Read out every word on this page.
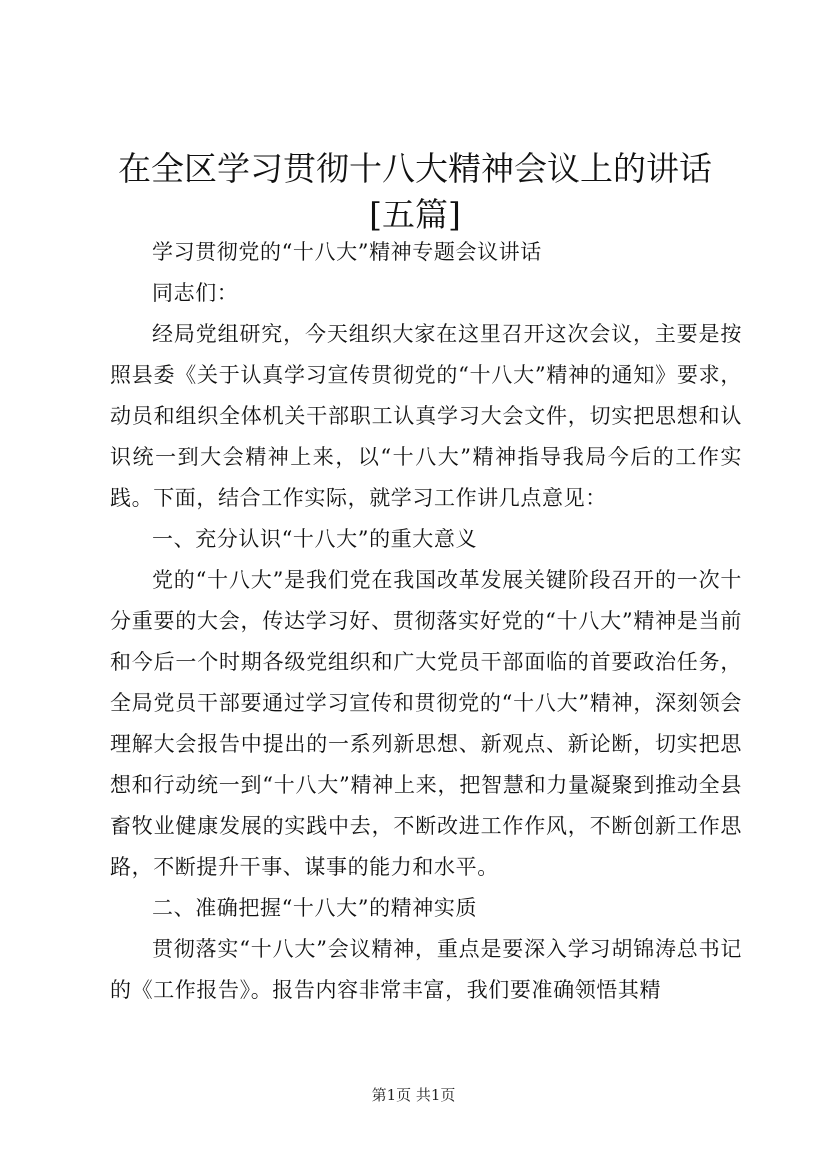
在全区学习贯彻十八大精神会议上的讲话[五篇]

学习贯彻党的“十八大”精神专题会议讲话

同志们：

经局党组研究，今天组织大家在这里召开这次会议，主要是按照县委《关于认真学习宣传贯彻党的“十八大”精神的通知》要求，动员和组织全体机关干部职工认真学习大会文件，切实把思想和认识统一到大会精神上来，以“十八大”精神指导我局今后的工作实践。下面，结合工作实际，就学习工作讲几点意见：

一、充分认识“十八大”的重大意义

党的“十八大”是我们党在我国改革发展关键阶段召开的一次十分重要的大会，传达学习好、贯彻落实好党的“十八大”精神是当前和今后一个时期各级党组织和广大党员干部面临的首要政治任务，全局党员干部要通过学习宣传和贯彻党的“十八大”精神，深刻领会理解大会报告中提出的一系列新思想、新观点、新论断，切实把思想和行动统一到“十八大”精神上来，把智慧和力量凝聚到推动全县畜牧业健康发展的实践中去，不断改进工作作风，不断创新工作思路，不断提升干事、谋事的能力和水平。

二、准确把握“十八大”的精神实质

贯彻落实“十八大”会议精神，重点是要深入学习胡锦涛总书记的《工作报告》。报告内容非常丰富，我们要准确领悟其精

第1页 共1页
